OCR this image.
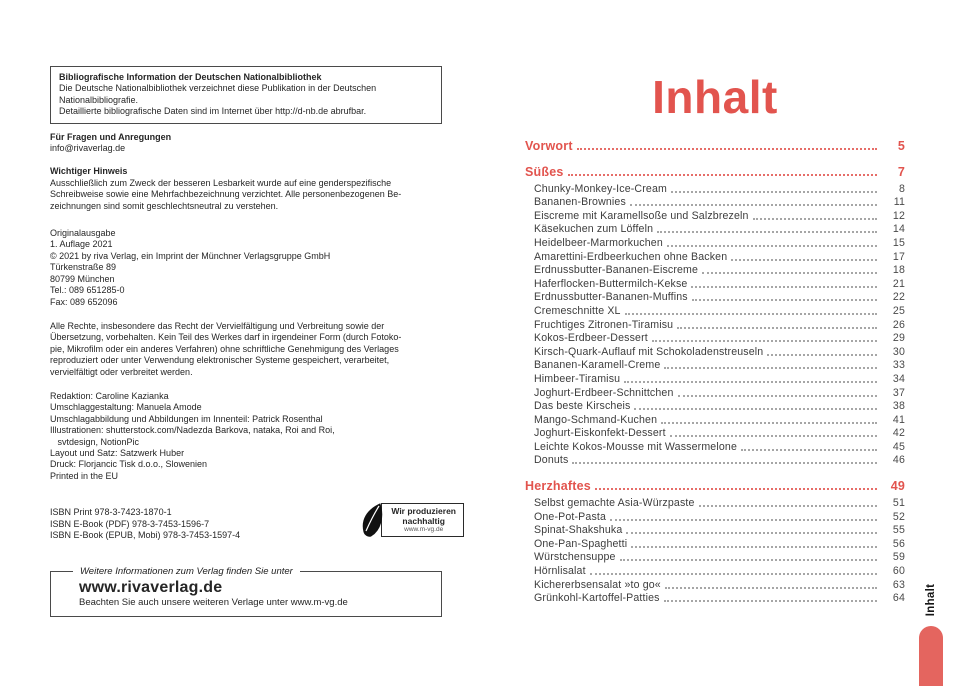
Bibliografische Information der Deutschen Nationalbibliothek
Die Deutsche Nationalbibliothek verzeichnet diese Publikation in der Deutschen
Nationalbibliografie.
Detaillierte bibliografische Daten sind im Internet über http://d-nb.de abrufbar.
Für Fragen und Anregungen
info@rivaverlag.de
Wichtiger Hinweis
Ausschließlich zum Zweck der besseren Lesbarkeit wurde auf eine genderspezifische
Schreibweise sowie eine Mehrfachbezeichnung verzichtet. Alle personenbezogenen Be-
zeichnungen sind somit geschlechtsneutral zu verstehen.
Originalausgabe
1. Auflage 2021
© 2021 by riva Verlag, ein Imprint der Münchner Verlagsgruppe GmbH
Türkenstraße 89
80799 München
Tel.: 089 651285-0
Fax: 089 652096
Alle Rechte, insbesondere das Recht der Vervielfältigung und Verbreitung sowie der
Übersetzung, vorbehalten. Kein Teil des Werkes darf in irgendeiner Form (durch Fotoko-
pie, Mikrofilm oder ein anderes Verfahren) ohne schriftliche Genehmigung des Verlages
reproduziert oder unter Verwendung elektronischer Systeme gespeichert, verarbeitet,
vervielfältigt oder verbreitet werden.
Redaktion: Caroline Kazianka
Umschlaggestaltung: Manuela Amode
Umschlagabbildung und Abbildungen im Innenteil: Patrick Rosenthal
Illustrationen: shutterstock.com/Nadezda Barkova, nataka, Roi and Roi,
svtdesign, NotionPic
Layout und Satz: Satzwerk Huber
Druck: Florjancic Tisk d.o.o., Slowenien
Printed in the EU
ISBN Print 978-3-7423-1870-1
ISBN E-Book (PDF) 978-3-7453-1596-7
ISBN E-Book (EPUB, Mobi) 978-3-7453-1597-4
Wir produzieren
nachhaltig
www.m-vg.de
Weitere Informationen zum Verlag finden Sie unter
www.rivaverlag.de
Beachten Sie auch unsere weiteren Verlage unter www.m-vg.de
Inhalt
Vorwort	5
Süßes	7
Chunky-Monkey-Ice-Cream	8
Bananen-Brownies	11
Eiscreme mit Karamellsoße und Salzbrezeln	12
Käsekuchen zum Löffeln	14
Heidelbeer-Marmorkuchen	15
Amarettini-Erdbeerkuchen ohne Backen	17
Erdnussbutter-Bananen-Eiscreme	18
Haferflocken-Buttermilch-Kekse	21
Erdnussbutter-Bananen-Muffins	22
Cremeschnitte XL	25
Fruchtiges Zitronen-Tiramisu	26
Kokos-Erdbeer-Dessert	29
Kirsch-Quark-Auflauf mit Schokoladenstreuseln	30
Bananen-Karamell-Creme	33
Himbeer-Tiramisu	34
Joghurt-Erdbeer-Schnittchen	37
Das beste Kirscheis	38
Mango-Schmand-Kuchen	41
Joghurt-Eiskonfekt-Dessert	42
Leichte Kokos-Mousse mit Wassermelone	45
Donuts	46
Herzhaftes	49
Selbst gemachte Asia-Würzpaste	51
One-Pot-Pasta	52
Spinat-Shakshuka	55
One-Pan-Spaghetti	56
Würstchensuppe	59
Hörnlisalat	60
Kichererbsensalat »to go«	63
Grünkohl-Kartoffel-Patties	64	Inhalt
3
